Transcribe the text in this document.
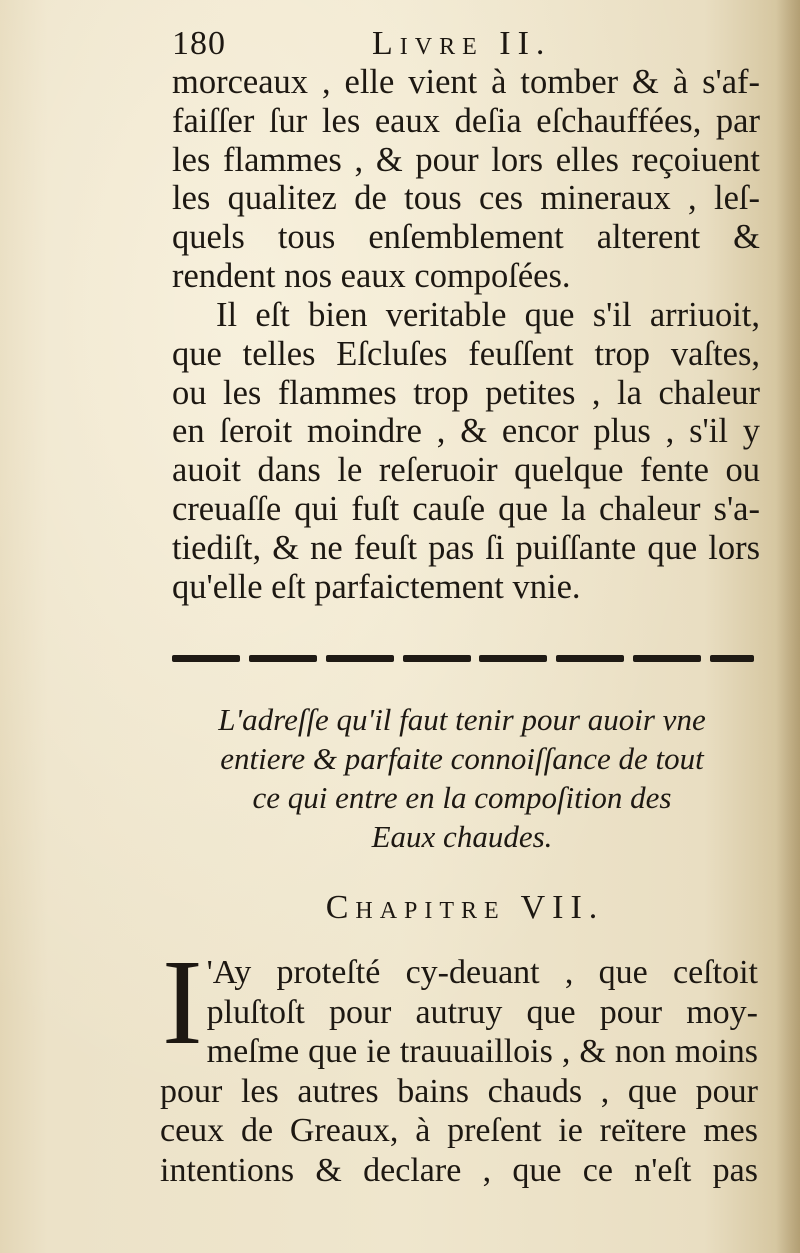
180	Livre II.
morceaux , elle vient à tomber & à s'af-
faiſſer ſur les eaux deſia eſchauffées, par
les flammes , & pour lors elles reçoiuent
les qualitez de tous ces mineraux , leſ-
quels tous enſemblement alterent &
rendent nos eaux compoſées.
Il eſt bien veritable que s'il arriuoit,
que telles Eſcluſes feuſſent trop vaſtes,
ou les flammes trop petites , la chaleur
en ſeroit moindre , & encor plus , s'il y
auoit dans le reſeruoir quelque fente ou
creuaſſe qui fuſt cauſe que la chaleur s'a-
tiediſt, & ne feuſt pas ſi puiſſante que lors
qu'elle eſt parfaictement vnie.
L'adreſſe qu'il faut tenir pour auoir vne
entiere & parfaite connoiſſance de tout
ce qui entre en la compoſition des
Eaux chaudes.
Chapitre VII.
I 'Ay proteſté cy-deuant , que ceſtoit
pluſtoſt pour autruy que pour moy-
meſme que ie trauuaillois , & non moins
pour les autres bains chauds , que pour
ceux de Greaux, à preſent ie reïtere mes
intentions & declare , que ce n'eſt pas
